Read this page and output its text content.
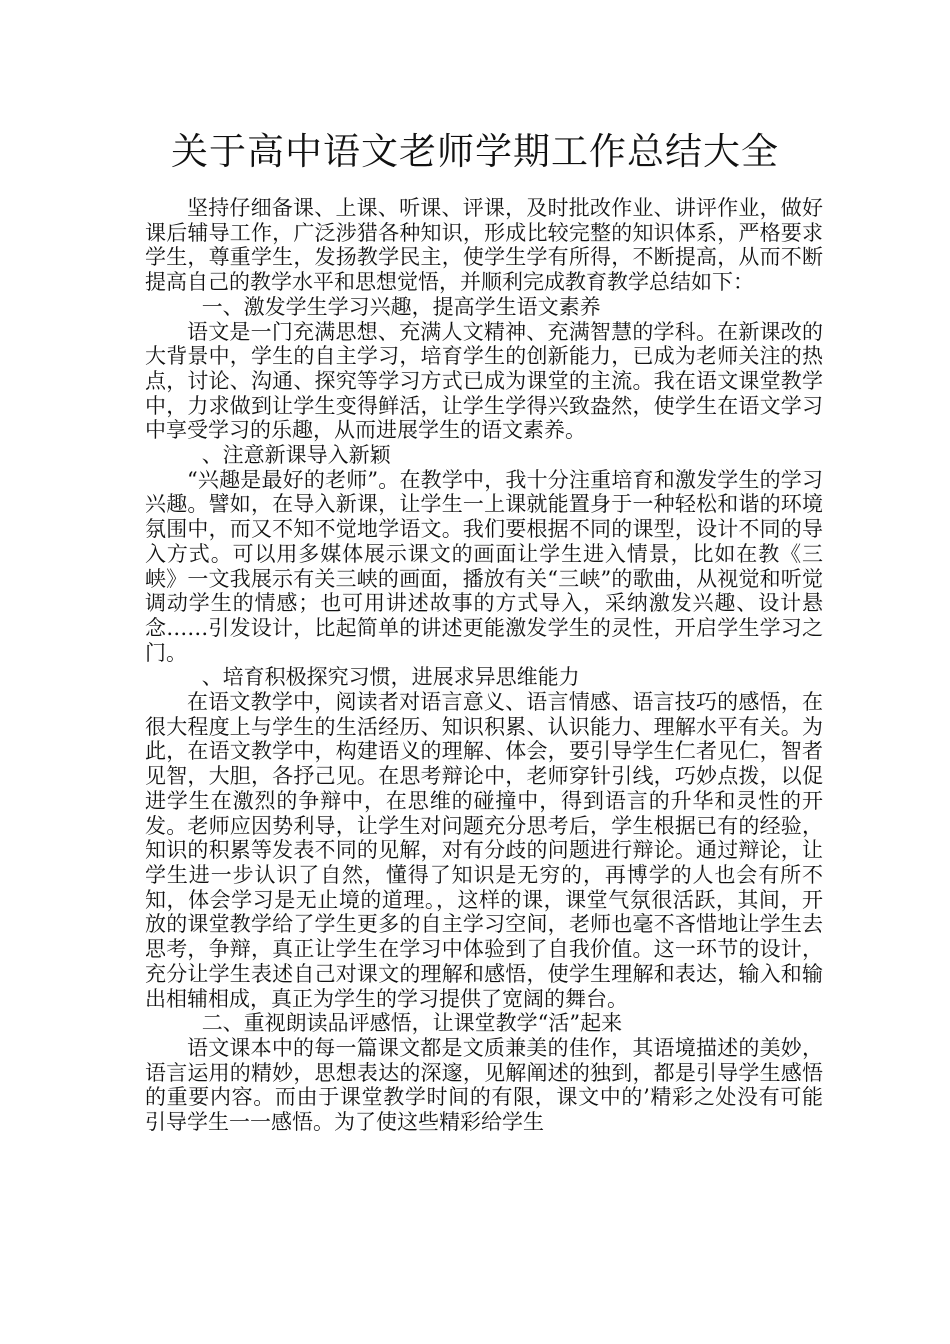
关于高中语文老师学期工作总结大全

坚持仔细备课、上课、听课、评课，及时批改作业、讲评作业，做好课后辅导工作，广泛涉猎各种知识，形成比较完整的知识体系，严格要求学生，尊重学生，发扬教学民主，使学生学有所得，不断提高，从而不断提高自己的教学水平和思想觉悟，并顺利完成教育教学总结如下：

一、激发学生学习兴趣，提高学生语文素养

语文是一门充满思想、充满人文精神、充满智慧的学科。在新课改的大背景中，学生的自主学习，培育学生的创新能力，已成为老师关注的热点，讨论、沟通、探究等学习方式已成为课堂的主流。我在语文课堂教学中，力求做到让学生变得鲜活，让学生学得兴致盎然，使学生在语文学习中享受学习的乐趣，从而进展学生的语文素养。

、注意新课导入新颖

“兴趣是最好的老师”。在教学中，我十分注重培育和激发学生的学习兴趣。譬如，在导入新课，让学生一上课就能置身于一种轻松和谐的环境氛围中，而又不知不觉地学语文。我们要根据不同的课型，设计不同的导入方式。可以用多媒体展示课文的画面让学生进入情景，比如在教《三峡》一文我展示有关三峡的画面，播放有关“三峡”的歌曲，从视觉和听觉调动学生的情感；也可用讲述故事的方式导入，采纳激发兴趣、设计悬念……引发设计，比起简单的讲述更能激发学生的灵性，开启学生学习之门。

、培育积极探究习惯，进展求异思维能力

在语文教学中，阅读者对语言意义、语言情感、语言技巧的感悟，在很大程度上与学生的生活经历、知识积累、认识能力、理解水平有关。为此，在语文教学中，构建语义的理解、体会，要引导学生仁者见仁，智者见智，大胆，各抒己见。在思考辩论中，老师穿针引线，巧妙点拨，以促进学生在激烈的争辩中，在思维的碰撞中，得到语言的升华和灵性的开发。老师应因势利导，让学生对问题充分思考后，学生根据已有的经验，知识的积累等发表不同的见解，对有分歧的问题进行辩论。通过辩论，让学生进一步认识了自然，懂得了知识是无穷的，再博学的人也会有所不知，体会学习是无止境的道理。，这样的课，课堂气氛很活跃，其间，开放的课堂教学给了学生更多的自主学习空间，老师也毫不吝惜地让学生去思考，争辩，真正让学生在学习中体验到了自我价值。这一环节的设计，充分让学生表述自己对课文的理解和感悟，使学生理解和表达，输入和输出相辅相成，真正为学生的学习提供了宽阔的舞台。

二、重视朗读品评感悟，让课堂教学“活”起来

语文课本中的每一篇课文都是文质兼美的佳作，其语境描述的美妙，语言运用的精妙，思想表达的深邃，见解阐述的独到，都是引导学生感悟的重要内容。而由于课堂教学时间的有限，课文中的’精彩之处没有可能引导学生一一感悟。为了使这些精彩给学生
